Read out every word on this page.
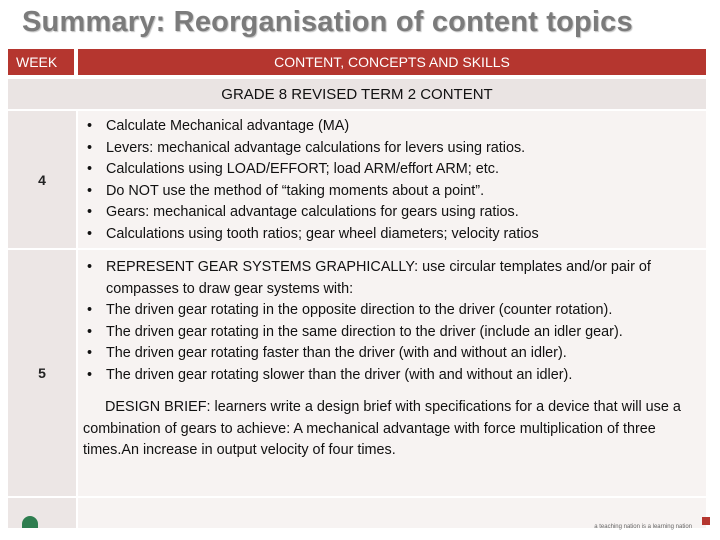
Summary: Reorganisation of content topics
WEEK	CONTENT, CONCEPTS AND SKILLS
GRADE 8 REVISED TERM 2 CONTENT
4
• Calculate Mechanical advantage (MA)
• Levers: mechanical advantage calculations for levers using ratios.
• Calculations using LOAD/EFFORT; load ARM/effort ARM; etc.
• Do NOT use the method of “taking moments about a point”.
• Gears: mechanical advantage calculations for gears using ratios.
• Calculations using tooth ratios; gear wheel diameters; velocity ratios
5
• REPRESENT GEAR SYSTEMS GRAPHICALLY: use circular templates and/or pair of compasses to draw gear systems with:
• The driven gear rotating in the opposite direction to the driver (counter rotation).
• The driven gear rotating in the same direction to the driver (include an idler gear).
• The driven gear rotating faster than the driver (with and without an idler).
• The driven gear rotating slower than the driver (with and without an idler).
DESIGN BRIEF: learners write a design brief with specifications for a device that will use a combination of gears to achieve: A mechanical advantage with force multiplication of three times.An increase in output velocity of four times.
a teaching nation is a learning nation
